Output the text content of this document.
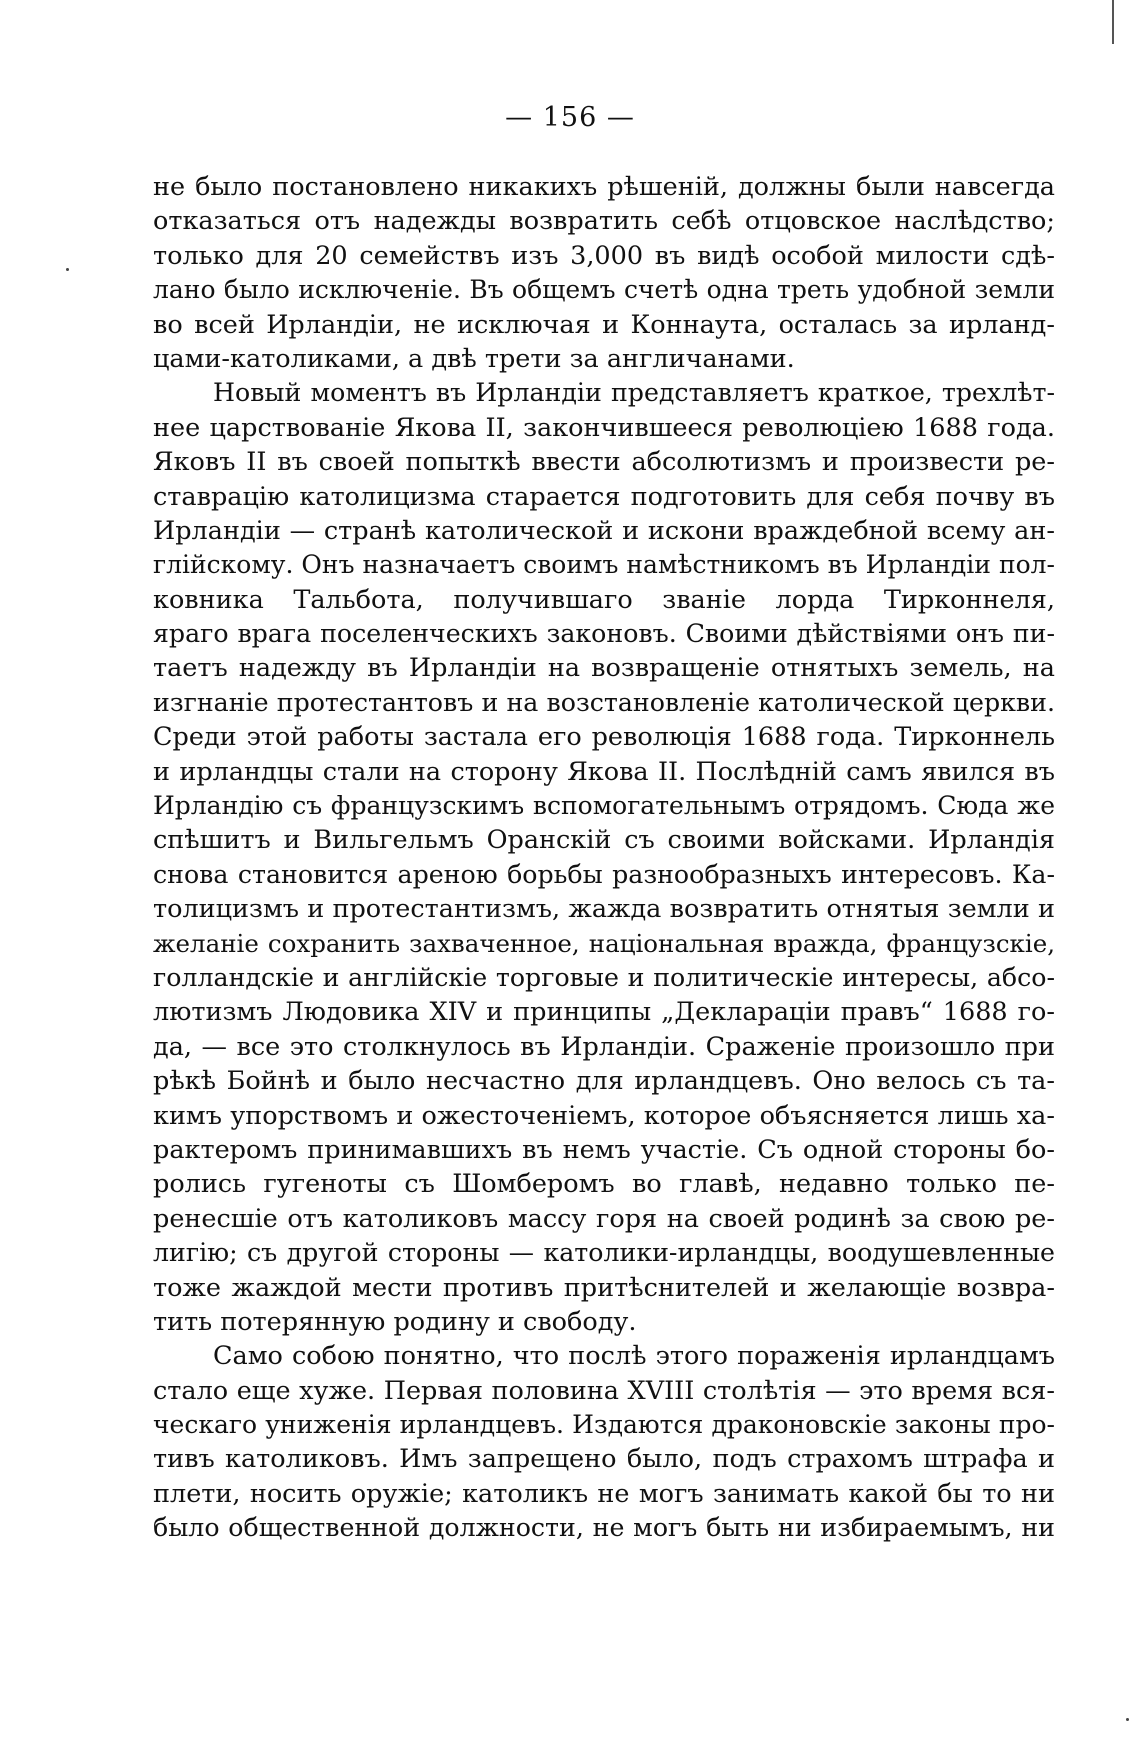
— 156 —
не было постановлено никакихъ рѣшеній, должны были навсегда
отказаться отъ надежды возвратить себѣ отцовское наслѣдство;
только для 20 семействъ изъ 3,000 въ видѣ особой милости сдѣ-
лано было исключеніе. Въ общемъ счетѣ одна треть удобной земли
во всей Ирландіи, не исключая и Коннаута, осталась за ирланд-
цами-католиками, а двѣ трети за англичанами.
Новый моментъ въ Ирландіи представляетъ краткое, трехлѣт-
нее царствованіе Якова II, закончившееся революціею 1688 года.
Яковъ II въ своей попыткѣ ввести абсолютизмъ и произвести ре-
ставрацію католицизма старается подготовить для себя почву въ
Ирландіи — странѣ католической и искони враждебной всему ан-
глійскому. Онъ назначаетъ своимъ намѣстникомъ въ Ирландіи пол-
ковника Тальбота, получившаго званіе лорда Тирконнеля,
яраго врага поселенческихъ законовъ. Своими дѣйствіями онъ пи-
таетъ надежду въ Ирландіи на возвращеніе отнятыхъ земель, на
изгнаніе протестантовъ и на возстановленіе католической церкви.
Среди этой работы застала его революція 1688 года. Тирконнель
и ирландцы стали на сторону Якова II. Послѣдній самъ явился въ
Ирландію съ французскимъ вспомогательнымъ отрядомъ. Сюда же
спѣшитъ и Вильгельмъ Оранскій съ своими войсками. Ирландія
снова становится ареною борьбы разнообразныхъ интересовъ. Ка-
толицизмъ и протестантизмъ, жажда возвратить отнятыя земли и
желаніе сохранить захваченное, національная вражда, французскіе,
голландскіе и англійскіе торговые и политическіе интересы, абсо-
лютизмъ Людовика XIV и принципы „Деклараціи правъ“ 1688 го-
да, — все это столкнулось въ Ирландіи. Сраженіе произошло при
рѣкѣ Бойнѣ и было несчастно для ирландцевъ. Оно велось съ та-
кимъ упорствомъ и ожесточеніемъ, которое объясняется лишь ха-
рактеромъ принимавшихъ въ немъ участіе. Съ одной стороны бо-
ролись гугеноты съ Шомберомъ во главѣ, недавно только пе-
ренесшіе отъ католиковъ массу горя на своей родинѣ за свою ре-
лигію; съ другой стороны — католики-ирландцы, воодушевленные
тоже жаждой мести противъ притѣснителей и желающіе возвра-
тить потерянную родину и свободу.
Само собою понятно, что послѣ этого пораженія ирландцамъ
стало еще хуже. Первая половина XVIII столѣтія — это время вся-
ческаго униженія ирландцевъ. Издаются драконовскіе законы про-
тивъ католиковъ. Имъ запрещено было, подъ страхомъ штрафа и
плети, носить оружіе; католикъ не могъ занимать какой бы то ни
было общественной должности, не могъ быть ни избираемымъ, ни
